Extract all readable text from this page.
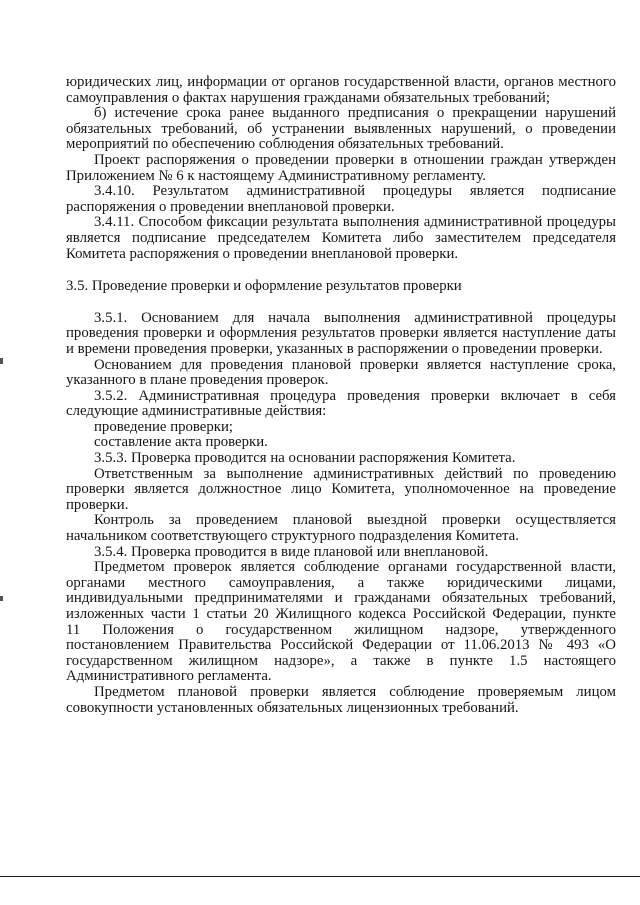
юридических лиц, информации от органов государственной власти, органов местного самоуправления о фактах нарушения гражданами обязательных требований;

б) истечение срока ранее выданного предписания о прекращении нарушений обязательных требований, об устранении выявленных нарушений, о проведении мероприятий по обеспечению соблюдения обязательных требований.

Проект распоряжения о проведении проверки в отношении граждан утвержден Приложением № 6 к настоящему Административному регламенту.

3.4.10. Результатом административной процедуры является подписание распоряжения о проведении внеплановой проверки.

3.4.11. Способом фиксации результата выполнения административной процедуры является подписание председателем Комитета либо заместителем председателя Комитета распоряжения о проведении внеплановой проверки.

3.5. Проведение проверки и оформление результатов проверки

3.5.1. Основанием для начала выполнения административной процедуры проведения проверки и оформления результатов проверки является наступление даты и времени проведения проверки, указанных в распоряжении о проведении проверки.

Основанием для проведения плановой проверки является наступление срока, указанного в плане проведения проверок.

3.5.2. Административная процедура проведения проверки включает в себя следующие административные действия:

проведение проверки;

составление акта проверки.

3.5.3. Проверка проводится на основании распоряжения Комитета.

Ответственным за выполнение административных действий по проведению проверки является должностное лицо Комитета, уполномоченное на проведение проверки.

Контроль за проведением плановой выездной проверки осуществляется начальником соответствующего структурного подразделения Комитета.

3.5.4. Проверка проводится в виде плановой или внеплановой.

Предметом проверок является соблюдение органами государственной власти, органами местного самоуправления, а также юридическими лицами, индивидуальными предпринимателями и гражданами обязательных требований, изложенных части 1 статьи 20 Жилищного кодекса Российской Федерации, пункте

11 Положения о государственном жилищном надзоре, утвержденного

постановлением Правительства Российской Федерации от 11.06.2013 № 493 «О государственном жилищном надзоре», а также в пункте 1.5 настоящего Административного регламента.

Предметом плановой проверки является соблюдение проверяемым лицом совокупности установленных обязательных лицензионных требований.
